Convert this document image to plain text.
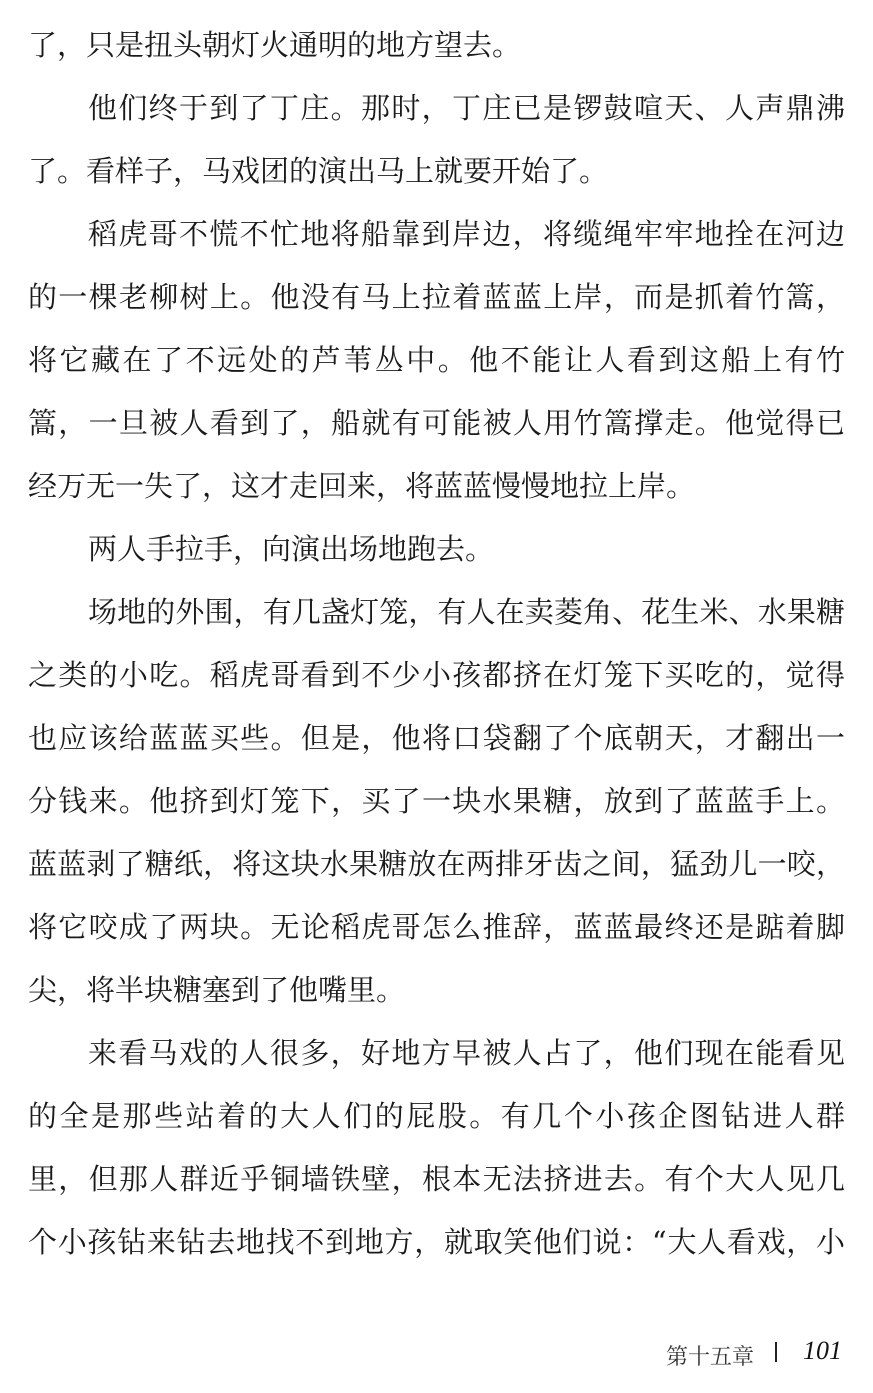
了，只是扭头朝灯火通明的地方望去。
他们终于到了丁庄。那时，丁庄已是锣鼓喧天、人声鼎沸
了。看样子，马戏团的演出马上就要开始了。
稻虎哥不慌不忙地将船靠到岸边，将缆绳牢牢地拴在河边
的一棵老柳树上。他没有马上拉着蓝蓝上岸，而是抓着竹篙，
将它藏在了不远处的芦苇丛中。他不能让人看到这船上有竹
篙，一旦被人看到了，船就有可能被人用竹篙撑走。他觉得已
经万无一失了，这才走回来，将蓝蓝慢慢地拉上岸。
两人手拉手，向演出场地跑去。
场地的外围，有几盏灯笼，有人在卖菱角、花生米、水果糖
之类的小吃。稻虎哥看到不少小孩都挤在灯笼下买吃的，觉得
也应该给蓝蓝买些。但是，他将口袋翻了个底朝天，才翻出一
分钱来。他挤到灯笼下，买了一块水果糖，放到了蓝蓝手上。
蓝蓝剥了糖纸，将这块水果糖放在两排牙齿之间，猛劲儿一咬，
将它咬成了两块。无论稻虎哥怎么推辞，蓝蓝最终还是踮着脚
尖，将半块糖塞到了他嘴里。
来看马戏的人很多，好地方早被人占了，他们现在能看见
的全是那些站着的大人们的屁股。有几个小孩企图钻进人群
里，但那人群近乎铜墙铁壁，根本无法挤进去。有个大人见几
个小孩钻来钻去地找不到地方，就取笑他们说：“大人看戏，小
第十五章 101
